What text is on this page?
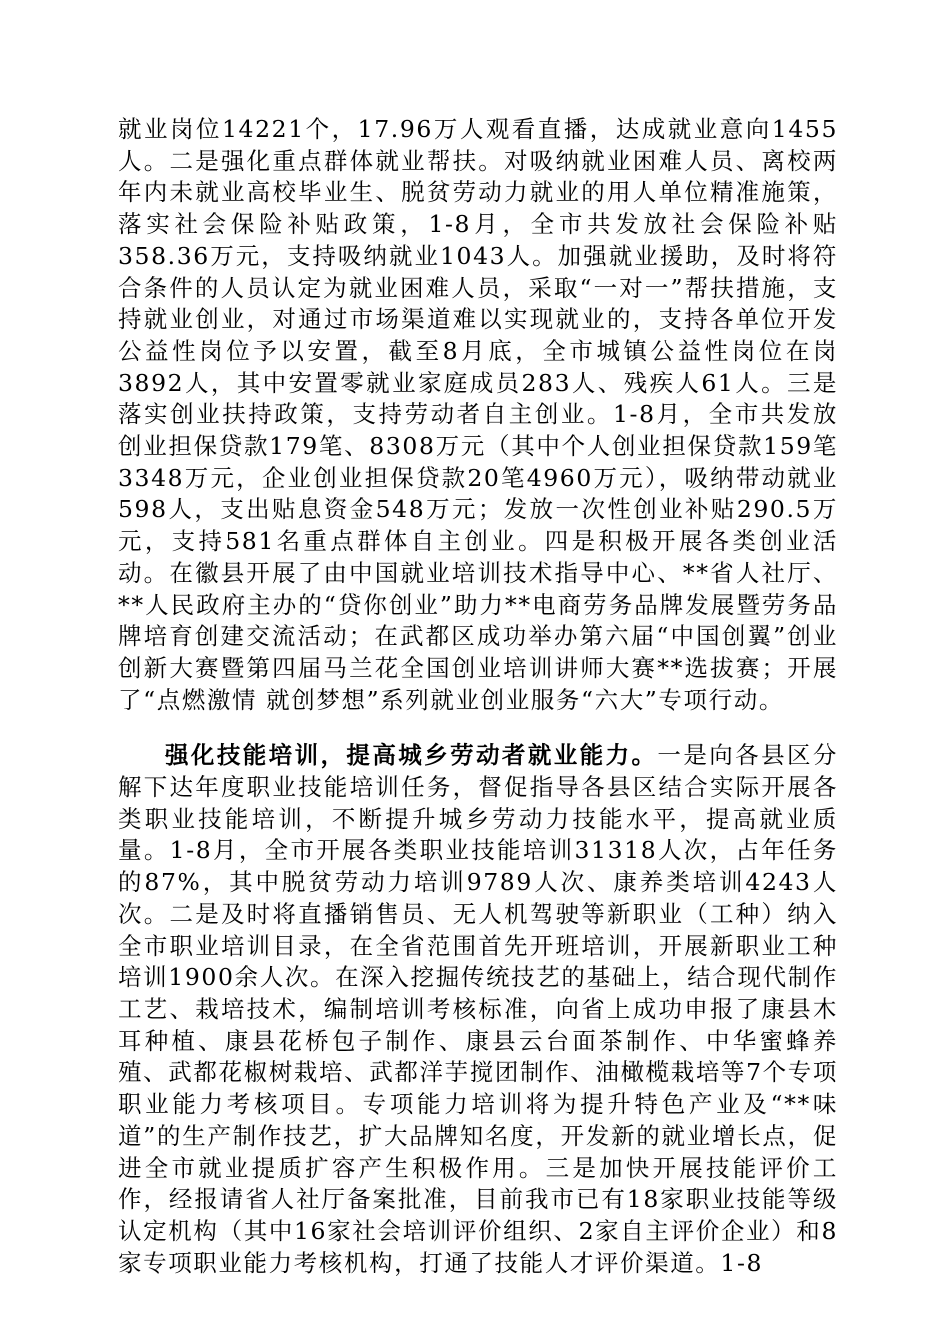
就业岗位14221个，17.96万人观看直播，达成就业意向1455人。二是强化重点群体就业帮扶。对吸纳就业困难人员、离校两年内未就业高校毕业生、脱贫劳动力就业的用人单位精准施策，落实社会保险补贴政策，1-8月，全市共发放社会保险补贴358.36万元，支持吸纳就业1043人。加强就业援助，及时将符合条件的人员认定为就业困难人员，采取“一对一”帮扶措施，支持就业创业，对通过市场渠道难以实现就业的，支持各单位开发公益性岗位予以安置，截至8月底，全市城镇公益性岗位在岗3892人，其中安置零就业家庭成员283人、残疾人61人。三是落实创业扶持政策，支持劳动者自主创业。1-8月，全市共发放创业担保贷款179笔、8308万元（其中个人创业担保贷款159笔3348万元，企业创业担保贷款20笔4960万元），吸纳带动就业598人，支出贴息资金548万元；发放一次性创业补贴290.5万元，支持581名重点群体自主创业。四是积极开展各类创业活动。在徽县开展了由中国就业培训技术指导中心、**省人社厅、**人民政府主办的“贷你创业”助力**电商劳务品牌发展暨劳务品牌培育创建交流活动；在武都区成功举办第六届“中国创翼”创业创新大赛暨第四届马兰花全国创业培训讲师大赛**选拔赛；开展了“点燃激情 就创梦想”系列就业创业服务“六大”专项行动。

强化技能培训，提高城乡劳动者就业能力。一是向各县区分解下达年度职业技能培训任务，督促指导各县区结合实际开展各类职业技能培训，不断提升城乡劳动力技能水平，提高就业质量。1-8月，全市开展各类职业技能培训31318人次，占年任务的87%，其中脱贫劳动力培训9789人次、康养类培训4243人次。二是及时将直播销售员、无人机驾驶等新职业（工种）纳入全市职业培训目录，在全省范围首先开班培训，开展新职业工种培训1900余人次。在深入挖掘传统技艺的基础上，结合现代制作工艺、栽培技术，编制培训考核标准，向省上成功申报了康县木耳种植、康县花桥包子制作、康县云台面茶制作、中华蜜蜂养殖、武都花椒树栽培、武都洋芋搅团制作、油橄榄栽培等7个专项职业能力考核项目。专项能力培训将为提升特色产业及“**味道”的生产制作技艺，扩大品牌知名度，开发新的就业增长点，促进全市就业提质扩容产生积极作用。三是加快开展技能评价工作，经报请省人社厅备案批准，目前我市已有18家职业技能等级认定机构（其中16家社会培训评价组织、2家自主评价企业）和8家专项职业能力考核机构，打通了技能人才评价渠道。1-8
